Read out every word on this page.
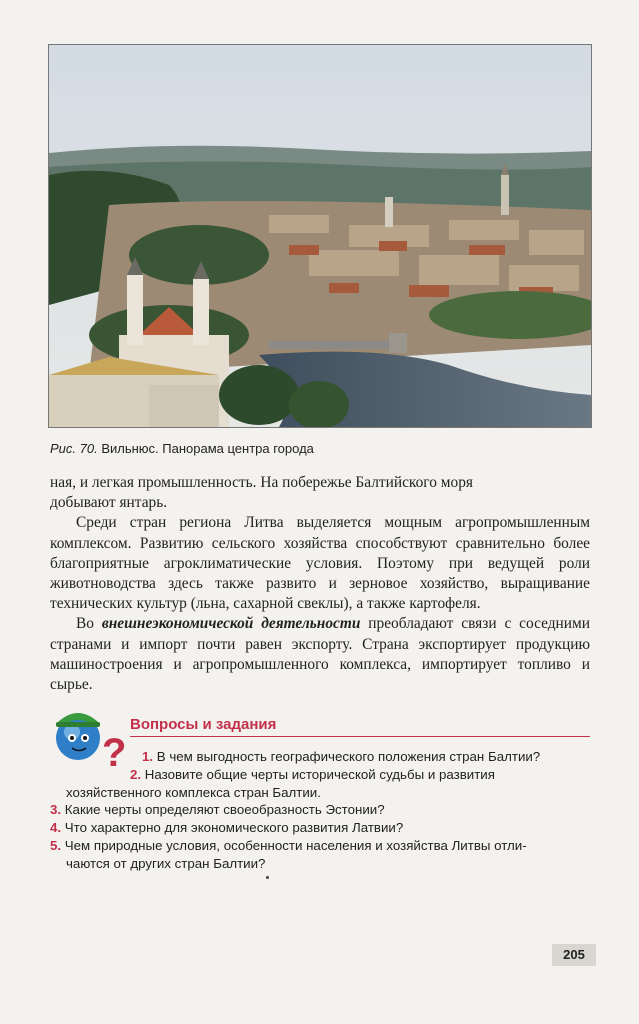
Рис. 70. Вильнюс. Панорама центра города

ная, и легкая промышленность. На побережье Балтийского моря
добывают янтарь.

Среди стран региона Литва выделяется мощным агропромышленным комплексом. Развитию сельского хозяйства способствуют сравнительно более благоприятные агроклиматические условия. Поэтому при ведущей роли животноводства здесь также развито и зерновое хозяйство, выращивание технических культур (льна, сахарной свеклы), а также картофеля.

Во внешнеэкономической деятельности преобладают связи с соседними странами и импорт почти равен экспорту. Страна экспортирует продукцию машиностроения и агропромышленного комплекса, импортирует топливо и сырье.

?
Вопросы и задания
1. В чем выгодность географического положения стран Балтии?
2. Назовите общие черты исторической судьбы и развития
хозяйственного комплекса стран Балтии.
3. Какие черты определяют своеобразность Эстонии?
4. Что характерно для экономического развития Латвии?
5. Чем природные условия, особенности населения и хозяйства Литвы отли-
чаются от других стран Балтии?
205
